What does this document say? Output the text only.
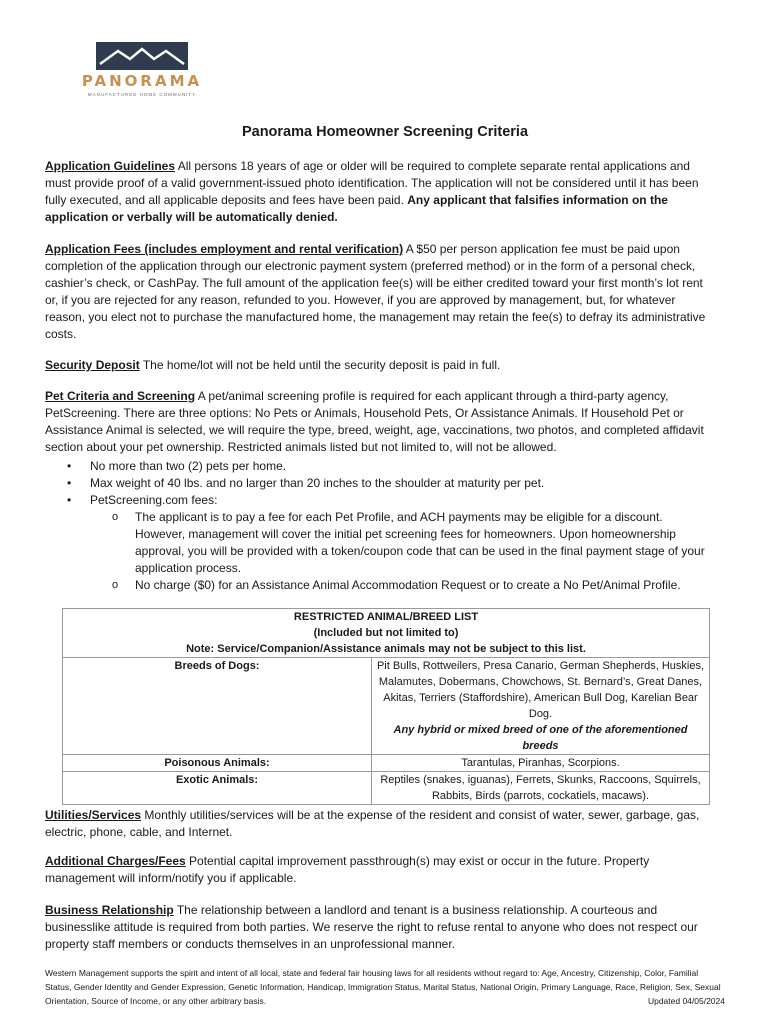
PANORAMA
MANUFACTURED HOME COMMUNITY
Panorama Homeowner Screening Criteria
Application Guidelines All persons 18 years of age or older will be required to complete separate rental applications and must provide proof of a valid government-issued photo identification. The application will not be considered until it has been fully executed, and all applicable deposits and fees have been paid. Any applicant that falsifies information on the application or verbally will be automatically denied.
Application Fees (includes employment and rental verification) A $50 per person application fee must be paid upon completion of the application through our electronic payment system (preferred method) or in the form of a personal check, cashier’s check, or CashPay. The full amount of the application fee(s) will be either credited toward your first month’s lot rent or, if you are rejected for any reason, refunded to you. However, if you are approved by management, but, for whatever reason, you elect not to purchase the manufactured home, the management may retain the fee(s) to defray its administrative costs.
Security Deposit The home/lot will not be held until the security deposit is paid in full.
Pet Criteria and Screening A pet/animal screening profile is required for each applicant through a third-party agency, PetScreening. There are three options: No Pets or Animals, Household Pets, Or Assistance Animals. If Household Pet or Assistance Animal is selected, we will require the type, breed, weight, age, vaccinations, two photos, and completed affidavit section about your pet ownership. Restricted animals listed but not limited to, will not be allowed.
• No more than two (2) pets per home.
• Max weight of 40 lbs. and no larger than 20 inches to the shoulder at maturity per pet.
• PetScreening.com fees:
o The applicant is to pay a fee for each Pet Profile, and ACH payments may be eligible for a discount. However, management will cover the initial pet screening fees for homeowners. Upon homeownership approval, you will be provided with a token/coupon code that can be used in the final payment stage of your application process.
o No charge ($0) for an Assistance Animal Accommodation Request or to create a No Pet/Animal Profile.
RESTRICTED ANIMAL/BREED LIST
(Included but not limited to)
Note: Service/Companion/Assistance animals may not be subject to this list.	

Breeds of Dogs:	Pit Bulls, Rottweilers, Presa Canario, German Shepherds, Huskies, Malamutes, Dobermans, Chowchows, St. Bernard’s, Great Danes, Akitas, Terriers (Staffordshire), American Bull Dog, Karelian Bear Dog.
Any hybrid or mixed breed of one of the aforementioned breeds

Poisonous Animals:	Tarantulas, Piranhas, Scorpions.
Exotic Animals:	Reptiles (snakes, iguanas), Ferrets, Skunks, Raccoons, Squirrels, Rabbits, Birds (parrots, cockatiels, macaws).
Utilities/Services Monthly utilities/services will be at the expense of the resident and consist of water, sewer, garbage, gas, electric, phone, cable, and Internet.
Additional Charges/Fees Potential capital improvement passthrough(s) may exist or occur in the future. Property management will inform/notify you if applicable.
Business Relationship The relationship between a landlord and tenant is a business relationship. A courteous and businesslike attitude is required from both parties. We reserve the right to refuse rental to anyone who does not respect our property staff members or conducts themselves in an unprofessional manner.
Western Management supports the spirit and intent of all local, state and federal fair housing laws for all residents without regard to: Age, Ancestry, Citizenship, Color, Familial Status, Gender Identity and Gender Expression, Genetic Information, Handicap, Immigration Status, Marital Status, National Origin, Primary Language, Race, Religion, Sex, Sexual Orientation, Source of Income, or any other arbitrary basis.	Updated 04/05/2024
